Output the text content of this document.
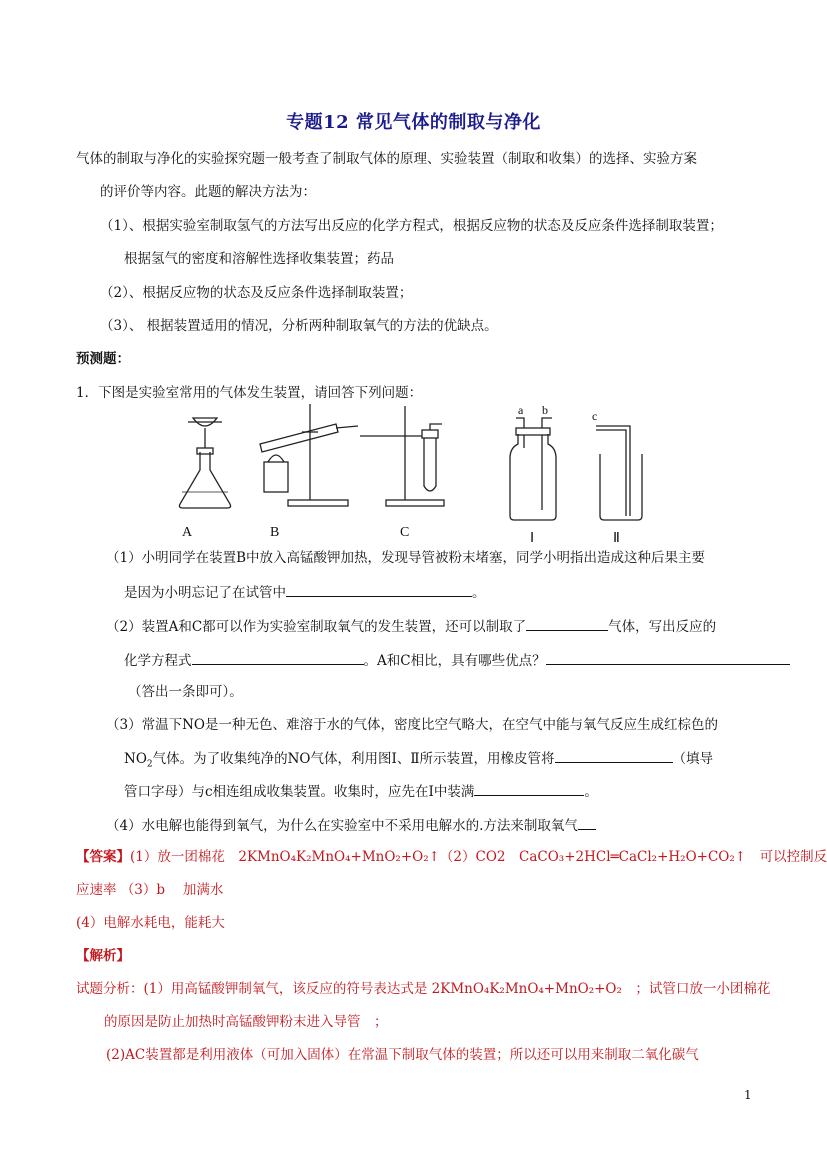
专题12 常见气体的制取与净化
气体的制取与净化的实验探究题一般考查了制取气体的原理、实验装置（制取和收集）的选择、实验方案
的评价等内容。此题的解决方法为：
（1）、根据实验室制取氢气的方法写出反应的化学方程式，根据反应物的状态及反应条件选择制取装置；
根据氢气的密度和溶解性选择收集装置；药品
（2）、根据反应物的状态及反应条件选择制取装置；
（3）、 根据装置适用的情况，分析两种制取氧气的方法的优缺点。
预测题：
1．下图是实验室常用的气体发生装置，请回答下列问题：
A	B	C	Ⅰ	Ⅱ
a b	c
（1）小明同学在装置B中放入高锰酸钾加热，发现导管被粉末堵塞，同学小明指出造成这种后果主要
是因为小明忘记了在试管中	。
（2）装置A和C都可以作为实验室制取氧气的发生装置，还可以制取了	气体，写出反应的
化学方程式	。A和C相比，具有哪些优点？
（答出一条即可）。
（3）常温下NO是一种无色、难溶于水的气体，密度比空气略大，在空气中能与氧气反应生成红棕色的
$NO_2$气体。为了收集纯净的NO气体，利用图Ⅰ、Ⅱ所示装置，用橡皮管将	（填导
管口字母）与c相连组成收集装置。收集时，应先在Ⅰ中装满	。
（4）水电解也能得到氧气，为什么在实验室中不采用电解水的.方法来制取氧气
【答案】(1）放一团棉花　2KMnO₄K₂MnO₄+MnO₂+O₂↑（2）CO2　CaCO₃+2HCl═CaCl₂+H₂O+CO₂↑　可以控制反
应速率 （3）b　 加满水
(4）电解水耗电，能耗大
【解析】
试题分析：(1）用高锰酸钾制氧气，该反应的符号表达式是 2KMnO₄K₂MnO₄+MnO₂+O₂　；试管口放一小团棉花
的原因是防止加热时高锰酸钾粉末进入导管　；
(2)AC装置都是利用液体（可加入固体）在常温下制取气体的装置；所以还可以用来制取二氧化碳气
1
